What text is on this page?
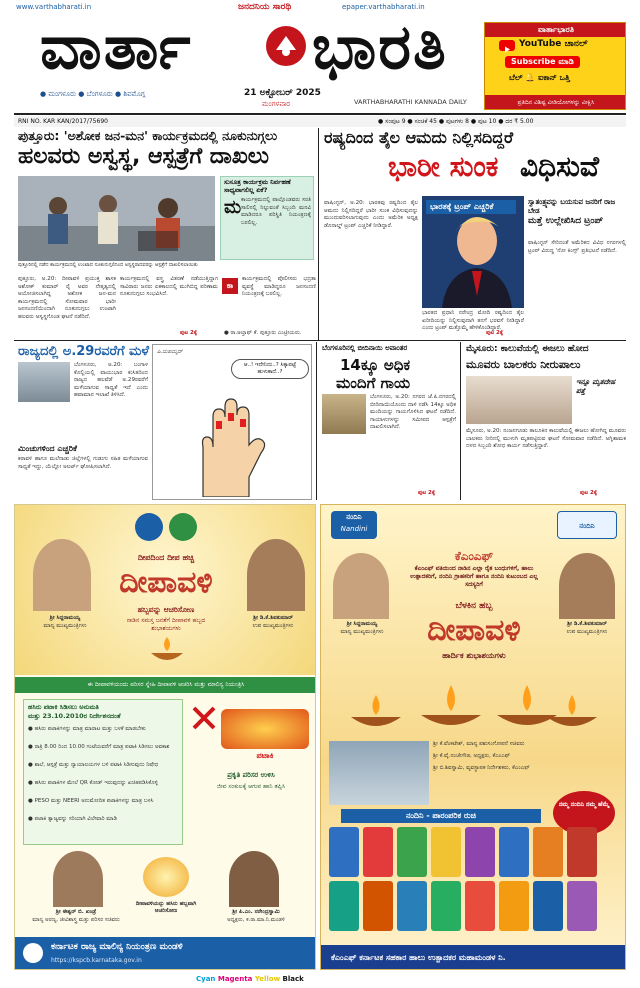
www.varthabharati.in	ಜನದನಿಯ ಸಾರಥಿ	epaper.varthabharati.in
ವಾರ್ತಾ ಭಾರತಿ
● ಮಂಗಳೂರು ● ಬೆಂಗಳೂರು ● ಶಿವಮೊಗ್ಗ	21 ಅಕ್ಟೋಬರ್ 2025
ಮಂಗಳವಾರ	VARTHABHARATHI KANNADA DAILY
ವಾರ್ತಾಭಾರತಿ
YouTube ಚಾನಲ್
Subscribe ಮಾಡಿ
ಬೆಲ್ 🔔 ಐಕಾನ್ ಒತ್ತಿ
ಪ್ರತಿದಿನ ವಿಶಿಷ್ಟ ವೀಡಿಯೋಗಳನ್ನು ವೀಕ್ಷಿಸಿ
RNI NO. KAR KAN/2017/75690	● ಸಂಪುಟ 9 ● ಸಂಚಿಕೆ 45 ● ಪುಟಗಳು 8 ● ಪುಟ 10 ● ದರ ₹ 5.00
ಪುತ್ತೂರು: 'ಅಶೋಕ ಜನ-ಮನ' ಕಾರ್ಯಕ್ರಮದಲ್ಲಿ ನೂಕುನುಗ್ಗಲು
ಹಲವರು ಅಸ್ವಸ್ಥ, ಆಸ್ಪತ್ರೆಗೆ ದಾಖಲು
ಪುತ್ತೂರಿನಲ್ಲಿ ನಡೆದ ಕಾರ್ಯಕ್ರಮದಲ್ಲಿ ಉಂಟಾದ ನೂಕುನುಗ್ಗಲಿನಿಂದ ಅಸ್ವಸ್ಥರಾದವರನ್ನು ಆಸ್ಪತ್ರೆಗೆ ದಾಖಲಿಸಲಾಯಿತು
ಸುಸೂತ್ರ ಕಾರ್ಯಕ್ರಮ ನಿರ್ವಹಣೆ ಸಾಧ್ಯವಾಗಲಿಲ್ಲ ಏಕೆ?
ಮ ಕಾರ್ಯಕ್ರಮದಲ್ಲಿ ಪಾಲ್ಗೊಂಡವರು ಸರತಿ ಸಾಲಿನಲ್ಲಿ ನಿಲ್ಲುವಂತೆ ಸಿಬ್ಬಂದಿ ಮನವಿ ಮಾಡಿದರೂ ಪರಿಸ್ಥಿತಿ ನಿಯಂತ್ರಣಕ್ಕೆ ಬರಲಿಲ್ಲ.
ಪುತ್ತೂರು, ಅ.20: ದೀಪಾವಳಿ ಪ್ರಯುಕ್ತ ಶಾಸಕ ಅಶೋಕ್ ಕುಮಾರ್ ರೈ ಅವರ ನೇತೃತ್ವದಲ್ಲಿ ಆಯೋಜಿಸಲಾಗಿದ್ದ ಅಶೋಕ ಜನ-ಮನ ಕಾರ್ಯಕ್ರಮದಲ್ಲಿ ಸೋಮವಾರ ಭಾರೀ ಜನಸಂದಣಿಯಿಂದಾಗಿ ನೂಕುನುಗ್ಗಲು ಉಂಟಾಗಿ ಹಲವರು ಅಸ್ವಸ್ಥಗೊಂಡ ಘಟನೆ ನಡೆದಿದೆ.
ಕಾರ್ಯಕ್ರಮದಲ್ಲಿ ವಸ್ತ್ರ ವಿತರಣೆ ನಡೆಯುತ್ತಿದ್ದಾಗ ಸಾವಿರಾರು ಜನರು ಏಕಕಾಲದಲ್ಲಿ ಮುಗಿಬಿದ್ದ ಪರಿಣಾಮ ನೂಕುನುಗ್ಗಲು ಸಂಭವಿಸಿದೆ.
ಕಾ
ಕಾರ್ಯಕ್ರಮದಲ್ಲಿ ಪೊಲೀಸರು ಭದ್ರತಾ ವ್ಯವಸ್ಥೆ ಮಾಡಿದ್ದರೂ ಜನಸಂದಣಿ ನಿಯಂತ್ರಣಕ್ಕೆ ಬರಲಿಲ್ಲ.
● ರಾ.ಅಲ್ತಾಫ್ ಕೆ. ಪುತ್ತೂರು ಎಂಟ್ರೀಯರು.
ಪುಟ 2ಕ್ಕೆ
ರಷ್ಯದಿಂದ ತೈಲ ಆಮದು ನಿಲ್ಲಿಸದಿದ್ದರೆ
ಭಾರೀ ಸುಂಕ ವಿಧಿಸುವೆ
ವಾಷಿಂಗ್ಟನ್, ಅ.20: ಭಾರತವು ರಷ್ಯದಿಂದ ತೈಲ ಆಮದು ನಿಲ್ಲಿಸದಿದ್ದರೆ ಭಾರೀ ಸುಂಕ ವಿಧಿಸುವುದನ್ನು ಮುಂದುವರಿಸಲಾಗುವುದು ಎಂದು ಅಮೆರಿಕ ಅಧ್ಯಕ್ಷ ಡೊನಾಲ್ಡ್ ಟ್ರಂಪ್ ಎಚ್ಚರಿಕೆ ನೀಡಿದ್ದಾರೆ.
ಭಾರತಕ್ಕೆ ಟ್ರಂಪ್ ಎಚ್ಚರಿಕೆ
ಭಾರತದ ಪ್ರಧಾನಿ ನರೇಂದ್ರ ಮೋದಿ ರಷ್ಯದಿಂದ ತೈಲ ಖರೀದಿಯನ್ನು ನಿಲ್ಲಿಸುವುದಾಗಿ ತನಗೆ ಭರವಸೆ ನೀಡಿದ್ದಾರೆ ಎಂದು ಟ್ರಂಪ್ ಮತ್ತೊಮ್ಮೆ ಹೇಳಿಕೊಂಡಿದ್ದಾರೆ.
ಸ್ವಾತಂತ್ರ್ಯವನ್ನು ಬಯಸುವ ಜನರಿಗೆ ರಾಜ ಬೇಡ
ಮತ್ತೆ ಉಲ್ಲೇಖಿಸಿದ ಟ್ರಂಪ್
ವಾಷಿಂಗ್ಟನ್ ಸೇರಿದಂತೆ ಅಮೆರಿಕದ ವಿವಿಧ ನಗರಗಳಲ್ಲಿ ಟ್ರಂಪ್ ವಿರುದ್ಧ 'ನೋ ಕಿಂಗ್ಸ್' ಪ್ರತಿಭಟನೆ ನಡೆದಿದೆ.
ಪುಟ 2ಕ್ಕೆ
ರಾಜ್ಯದಲ್ಲಿ ಅ.29ರವರೆಗೆ ಮಳೆ
ಬೆಂಗಳೂರು, ಅ.20: ಬಂಗಾಳ ಕೊಲ್ಲಿಯಲ್ಲಿ ವಾಯುಭಾರ ಕುಸಿತದಿಂದ ರಾಜ್ಯದ ಹಲವೆಡೆ ಅ.29ರವರೆಗೆ ಮಳೆಯಾಗುವ ಸಾಧ್ಯತೆ ಇದೆ ಎಂದು ಹವಾಮಾನ ಇಲಾಖೆ ತಿಳಿಸಿದೆ.
ಮಿಂಚುಗಳಿಂದ ಎಚ್ಚರಿಕೆ
ಕರಾವಳಿ ಹಾಗೂ ಮಲೆನಾಡು ಜಿಲ್ಲೆಗಳಲ್ಲಿ ಗುಡುಗು ಸಹಿತ ಮಳೆಯಾಗುವ ಸಾಧ್ಯತೆ ಇದ್ದು, ಯೆಲ್ಲೋ ಅಲರ್ಟ್ ಘೋಷಿಸಲಾಗಿದೆ.
ಪಿ.ಮಹಮ್ಮದ್
ಆ..! ಇದೇನಿದು..? ಸಿಕ್ಕಾಪಟ್ಟೆ ಹುಳುಕಾದೆ..?
ಬೆಂಗಳೂರಿನಲ್ಲಿ ಬೀದಿನಾಯಿ ಅವಾಂತರ
14ಕ್ಕೂ ಅಧಿಕ
ಮಂದಿಗೆ ಗಾಯ
ಬೆಂಗಳೂರು, ಅ.20: ನಗರದ ಜೆ.ಪಿ.ನಗರದಲ್ಲಿ ಬೀದಿನಾಯಿಯೊಂದು ದಾಳಿ ನಡೆಸಿ 14ಕ್ಕೂ ಅಧಿಕ ಮಂದಿಯನ್ನು ಗಾಯಗೊಳಿಸಿದ ಘಟನೆ ನಡೆದಿದೆ. ಗಾಯಾಳುಗಳನ್ನು ಸಮೀಪದ ಆಸ್ಪತ್ರೆಗೆ ದಾಖಲಿಸಲಾಗಿದೆ.
ಪುಟ 2ಕ್ಕೆ
ಮೈಸೂರು: ಕಾಲುವೆಯಲ್ಲಿ ಈಜಲು ಹೋದ
ಮೂವರು ಬಾಲಕರು ನೀರುಪಾಲು
ಇನ್ನೂ ಮೃತದೇಹ ಪತ್ತೆ
ಮೈಸೂರು, ಅ.20: ನಂಜನಗೂಡು ತಾಲೂಕಿನ ಕಾಲುವೆಯಲ್ಲಿ ಈಜಲು ಹೋಗಿದ್ದ ಮೂವರು ಬಾಲಕರು ನೀರಿನಲ್ಲಿ ಮುಳುಗಿ ಮೃತಪಟ್ಟಿರುವ ಘಟನೆ ಸೋಮವಾರ ನಡೆದಿದೆ. ಅಗ್ನಿಶಾಮಕ ದಳದ ಸಿಬ್ಬಂದಿ ಶೋಧ ಕಾರ್ಯ ನಡೆಸುತ್ತಿದ್ದಾರೆ.
ಪುಟ 2ಕ್ಕೆ
ದೀಪದಿಂದ ದೀಪ ಹಚ್ಚಿ
ದೀಪಾವಳಿ
ಹಬ್ಬವನ್ನು ಆಚರಿಸೋಣ
ನಾಡಿನ ಸಮಸ್ತ ಜನತೆಗೆ ದೀಪಾವಳಿ ಹಬ್ಬದ ಶುಭಾಶಯಗಳು
ಶ್ರೀ ಸಿದ್ದರಾಮಯ್ಯ
ಮಾನ್ಯ ಮುಖ್ಯಮಂತ್ರಿಗಳು
ಶ್ರೀ ಡಿ.ಕೆ.ಶಿವಕುಮಾರ್
ಉಪ ಮುಖ್ಯಮಂತ್ರಿಗಳು
ಈ ದೀಪಾವಳಿಯಂದು ಪರಿಸರ ಸ್ನೇಹಿ ದೀಪಾವಳಿ ಆಚರಿಸಿ ಮತ್ತು ಮಾಲಿನ್ಯ ನಿಯಂತ್ರಿಸಿ
ಹಸಿರು ಪಟಾಕಿ ಸಿಡಿಸಲು ಅನುಮತಿ
ಮತ್ತು 23.10.2010ರ ನಿರ್ದೇಶನದಂತೆ
● ಹಸಿರು ಪಟಾಕಿಗಳನ್ನು ಮಾತ್ರ ಮಾರಾಟ ಮತ್ತು ಬಳಕೆ ಮಾಡಬೇಕು
● ರಾತ್ರಿ 8.00 ರಿಂದ 10.00 ಗಂಟೆಯವರೆಗೆ ಮಾತ್ರ ಪಟಾಕಿ ಸಿಡಿಸಲು ಅವಕಾಶ
● ಶಾಲೆ, ಆಸ್ಪತ್ರೆ ಮತ್ತು ನ್ಯಾಯಾಲಯಗಳ ಬಳಿ ಪಟಾಕಿ ಸಿಡಿಸುವುದು ನಿಷೇಧ
● ಹಸಿರು ಪಟಾಕಿಗಳ ಮೇಲೆ QR ಕೋಡ್ ಇರುವುದನ್ನು ಖಚಿತಪಡಿಸಿಕೊಳ್ಳಿ
● PESO ಮತ್ತು NEERI ಅನುಮೋದಿತ ಪಟಾಕಿಗಳನ್ನು ಮಾತ್ರ ಬಳಸಿ
● ಪಟಾಕಿ ತ್ಯಾಜ್ಯವನ್ನು ಸರಿಯಾಗಿ ವಿಲೇವಾರಿ ಮಾಡಿ
ಪಟಾಕಿ
ಪ್ರಕೃತಿ ಪರಿಸರ ಉಳಿಸಿ
ಜೀವ ಸಂಕುಲಕ್ಕೆ ಆಗುವ ಹಾನಿ ತಪ್ಪಿಸಿ
ಶ್ರೀ ಈಶ್ವರ್ ಬಿ. ಖಂಡ್ರೆ
ಮಾನ್ಯ ಅರಣ್ಯ, ಜೀವಿಶಾಸ್ತ್ರ ಮತ್ತು ಪರಿಸರ ಸಚಿವರು
ದೀಪಾವಳಿಯನ್ನು ಹಸಿರು ಹಬ್ಬವಾಗಿ ಆಚರಿಸೋಣ	ಶ್ರೀ ಪಿ.ಎಂ. ನರೇಂದ್ರಸ್ವಾಮಿ
ಅಧ್ಯಕ್ಷರು, ಕ.ರಾ.ಮಾ.ನಿ.ಮಂಡಳಿ
ಕರ್ನಾಟಕ ರಾಜ್ಯ ಮಾಲಿನ್ಯ ನಿಯಂತ್ರಣ ಮಂಡಳಿ
https://kspcb.karnataka.gov.in
ನಂದಿನಿ
Nandini	ನಂದಿನಿ
ಕೆಎಂಎಫ್
ಕೆಎಂಎಫ್ ವತಿಯಿಂದ ನಾಡಿನ ಎಲ್ಲಾ ರೈತ ಬಂಧುಗಳಿಗೆ, ಹಾಲು ಉತ್ಪಾದಕರಿಗೆ, ನಂದಿನಿ ಗ್ರಾಹಕರಿಗೆ ಹಾಗೂ ನಂದಿನಿ ಕುಟುಂಬದ ಎಲ್ಲ ಸದಸ್ಯರಿಗೆ
ಬೆಳಕಿನ ಹಬ್ಬ
ದೀಪಾವಳಿ
ಹಾರ್ದಿಕ ಶುಭಾಶಯಗಳು
ಶ್ರೀ ಸಿದ್ದರಾಮಯ್ಯ
ಮಾನ್ಯ ಮುಖ್ಯಮಂತ್ರಿಗಳು
ಶ್ರೀ ಡಿ.ಕೆ.ಶಿವಕುಮಾರ್
ಉಪ ಮುಖ್ಯಮಂತ್ರಿಗಳು
ಶ್ರೀ ಕೆ.ವೆಂಕಟೇಶ್, ಮಾನ್ಯ ಪಶುಸಂಗೋಪನೆ ಸಚಿವರು
ಶ್ರೀ ಕೆ.ವೈ.ನಂಜೇಗೌಡ, ಅಧ್ಯಕ್ಷರು, ಕೆಎಂಎಫ್
ಶ್ರೀ ಬಿ.ಶಿವಸ್ವಾಮಿ, ವ್ಯವಸ್ಥಾಪಕ ನಿರ್ದೇಶಕರು, ಕೆಎಂಎಫ್
ನಂದಿನಿ - ಪಾರಂಪರಿಕ ರುಚಿ
ನಮ್ಮ ನಂದಿನಿ ನಮ್ಮ ಹೆಮ್ಮೆ
ಕೆಎಂಎಫ್ ಕರ್ನಾಟಕ ಸಹಕಾರ ಹಾಲು ಉತ್ಪಾದಕರ ಮಹಾಮಂಡಳ ನಿ.
Cyan Magenta Yellow Black
